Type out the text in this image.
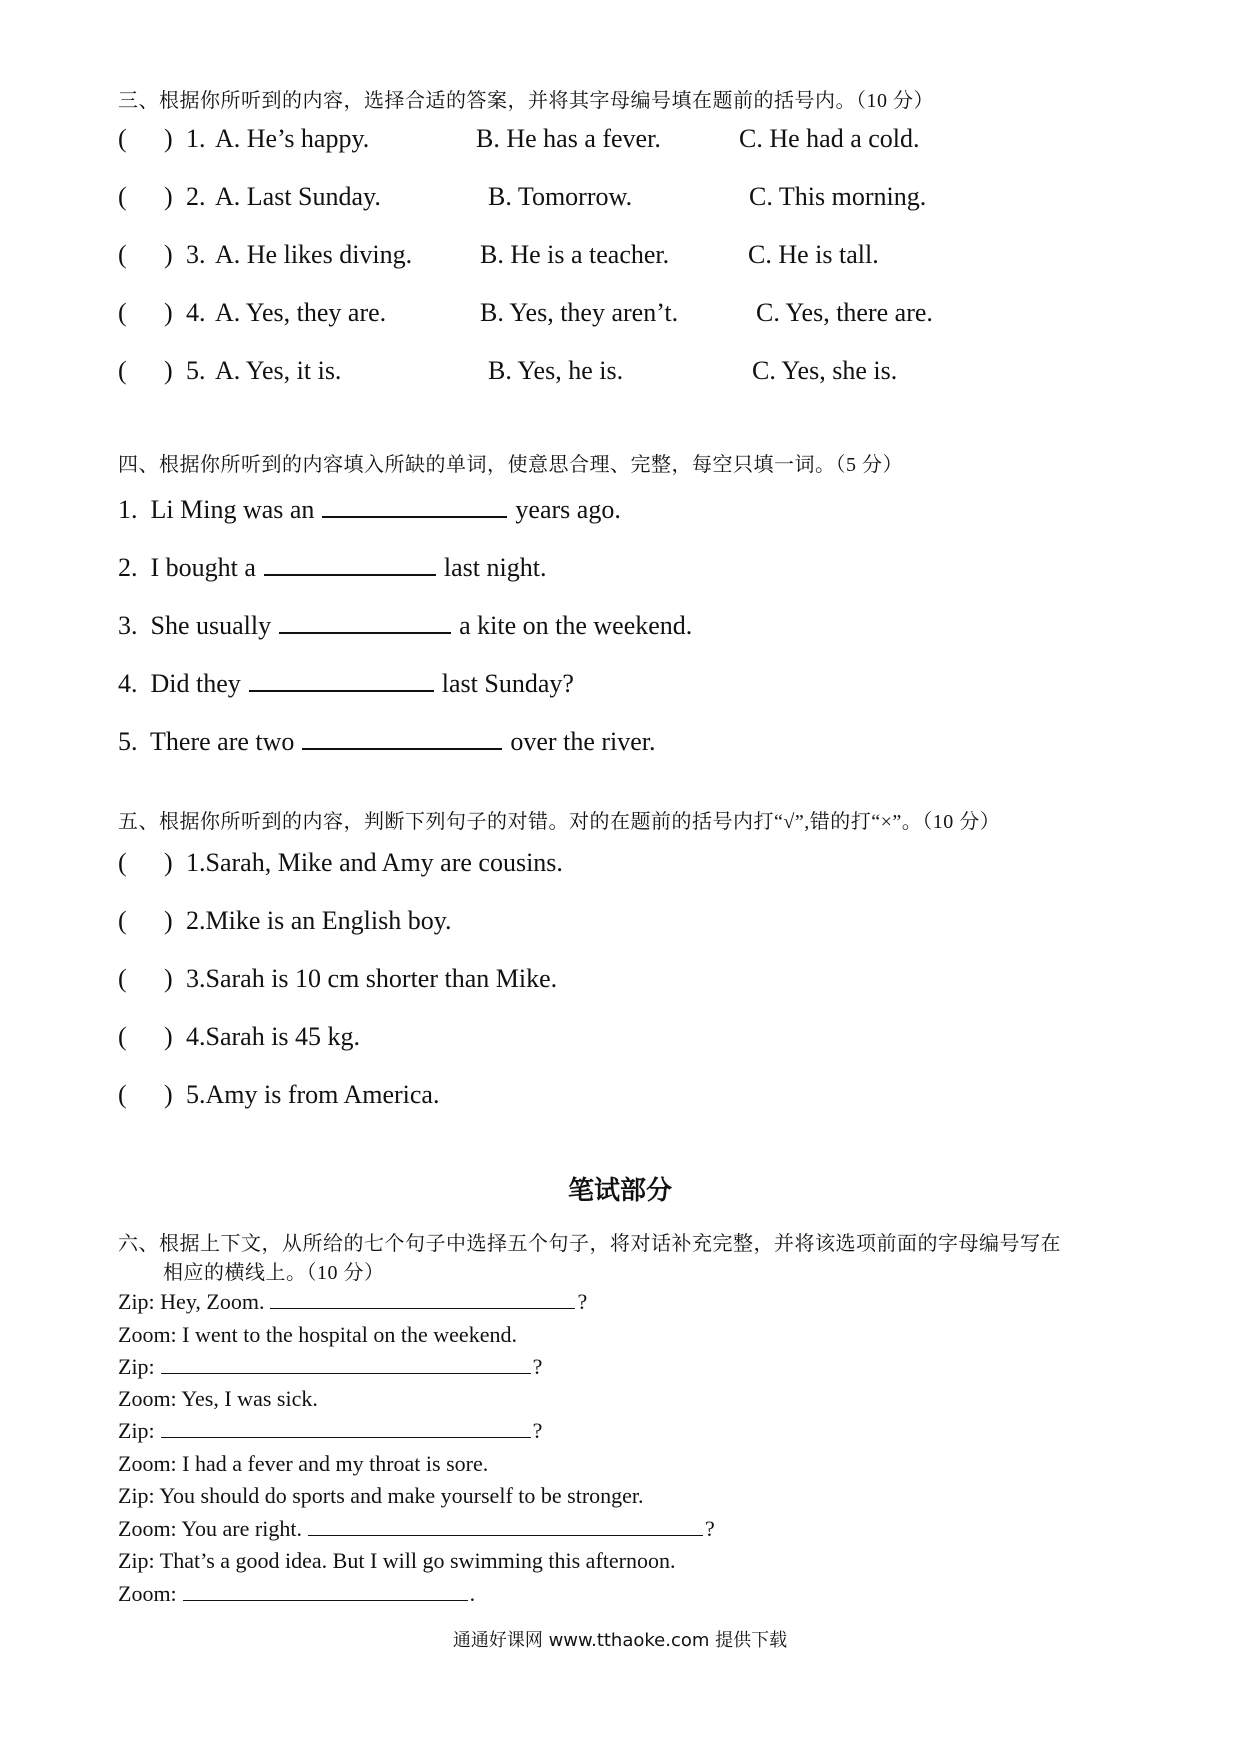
三、根据你所听到的内容，选择合适的答案，并将其字母编号填在题前的括号内。（10 分）
( ) 1. A. He’s happy.	B. He has a fever.	C. He had a cold.
( ) 2. A. Last Sunday.	B. Tomorrow.	C. This morning.
( ) 3. A. He likes diving.	B. He is a teacher.	C. He is tall.
( ) 4. A. Yes, they are.	B. Yes, they aren’t.	C. Yes, there are.
( ) 5. A. Yes, it is.	B. Yes, he is.	C. Yes, she is.
四、根据你所听到的内容填入所缺的单词，使意思合理、完整，每空只填一词。（5 分）
1. Li Ming was an	years ago.
2. I bought a	last night.
3. She usually	a kite on the weekend.
4. Did they	last Sunday?
5. There are two	over the river.
五、根据你所听到的内容，判断下列句子的对错。对的在题前的括号内打“√”,错的打“×”。（10 分）
( ) 1.Sarah, Mike and Amy are cousins.
( ) 2.Mike is an English boy.
( ) 3.Sarah is 10 cm shorter than Mike.
( ) 4.Sarah is 45 kg.
( ) 5.Amy is from America.
笔试部分
六、根据上下文，从所给的七个句子中选择五个句子，将对话补充完整，并将该选项前面的字母编号写在
相应的横线上。（10 分）
Zip: Hey, Zoom.	?
Zoom: I went to the hospital on the weekend.
Zip:	?
Zoom: Yes, I was sick.
Zip:	?
Zoom: I had a fever and my throat is sore.
Zip: You should do sports and make yourself to be stronger.
Zoom: You are right.	?
Zip: That’s a good idea. But I will go swimming this afternoon.
Zoom:	.
通通好课网 www.tthaoke.com 提供下载
